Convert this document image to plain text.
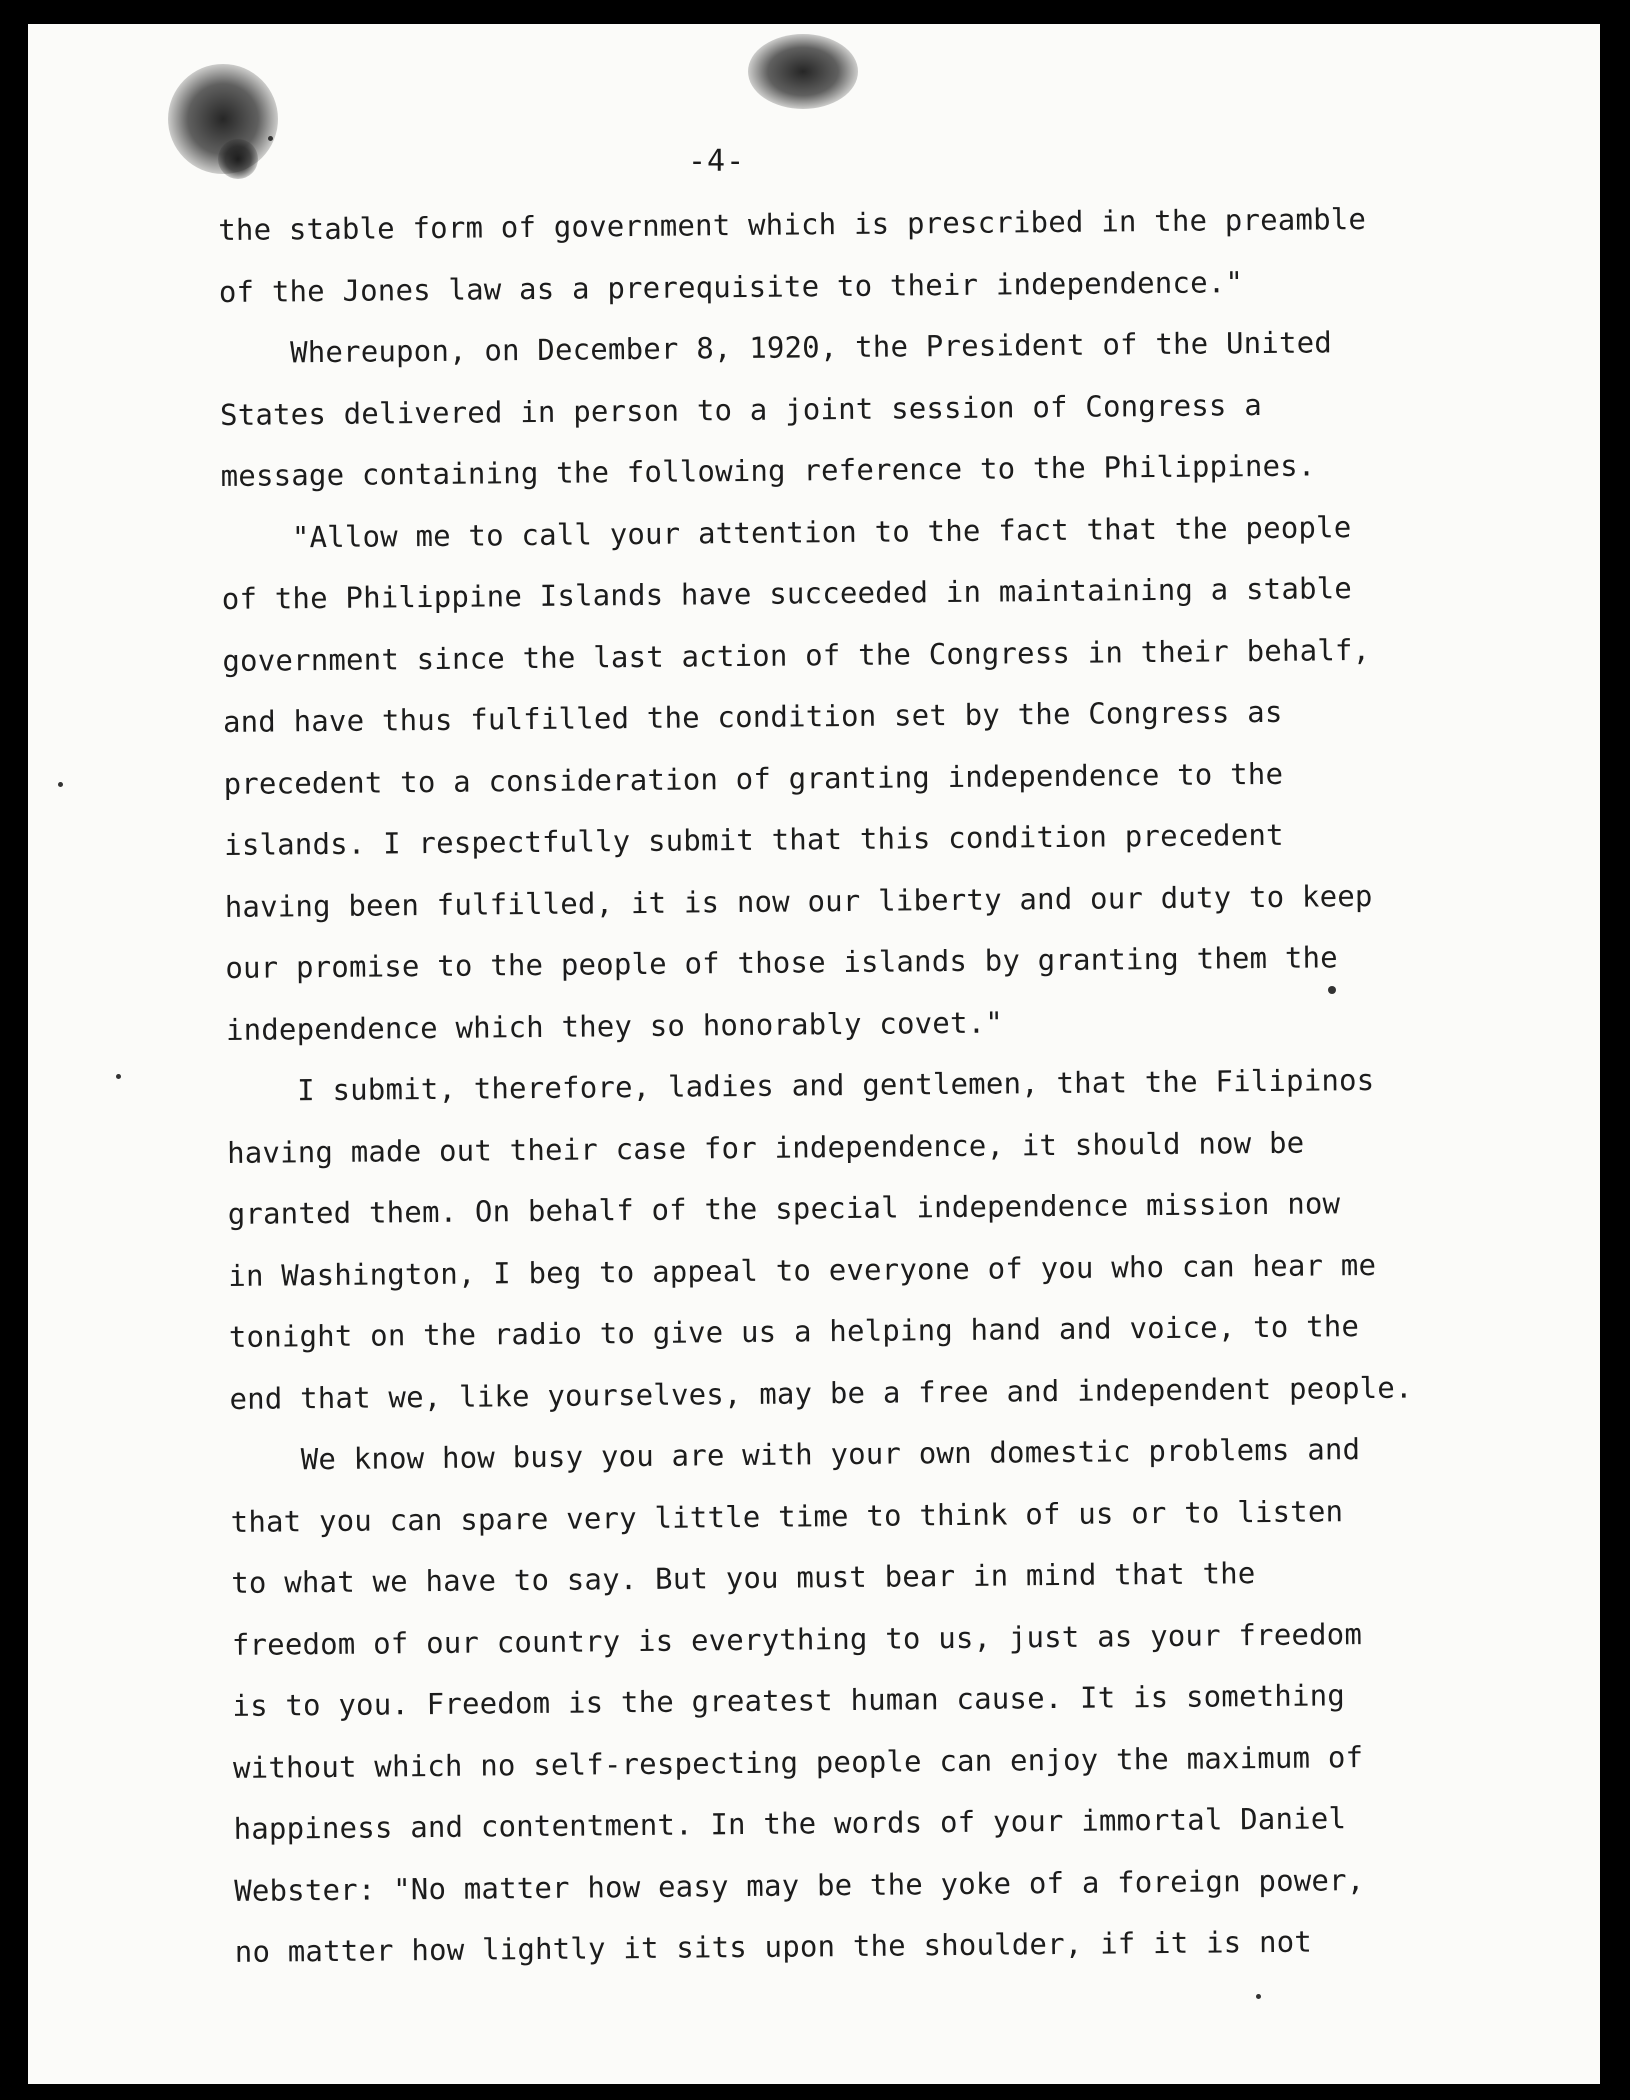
-4-
the stable form of government which is prescribed in the preamble
of the Jones law as a prerequisite to their independence."
Whereupon, on December 8, 1920, the President of the United
States delivered in person to a joint session of Congress a
message containing the following reference to the Philippines.
"Allow me to call your attention to the fact that the people
of the Philippine Islands have succeeded in maintaining a stable
government since the last action of the Congress in their behalf,
and have thus fulfilled the condition set by the Congress as
precedent to a consideration of granting independence to the
islands. I respectfully submit that this condition precedent
having been fulfilled, it is now our liberty and our duty to keep
our promise to the people of those islands by granting them the
independence which they so honorably covet."
I submit, therefore, ladies and gentlemen, that the Filipinos
having made out their case for independence, it should now be
granted them. On behalf of the special independence mission now
in Washington, I beg to appeal to everyone of you who can hear me
tonight on the radio to give us a helping hand and voice, to the
end that we, like yourselves, may be a free and independent people.
We know how busy you are with your own domestic problems and
that you can spare very little time to think of us or to listen
to what we have to say. But you must bear in mind that the
freedom of our country is everything to us, just as your freedom
is to you. Freedom is the greatest human cause. It is something
without which no self-respecting people can enjoy the maximum of
happiness and contentment. In the words of your immortal Daniel
Webster: "No matter how easy may be the yoke of a foreign power,
no matter how lightly it sits upon the shoulder, if it is not
